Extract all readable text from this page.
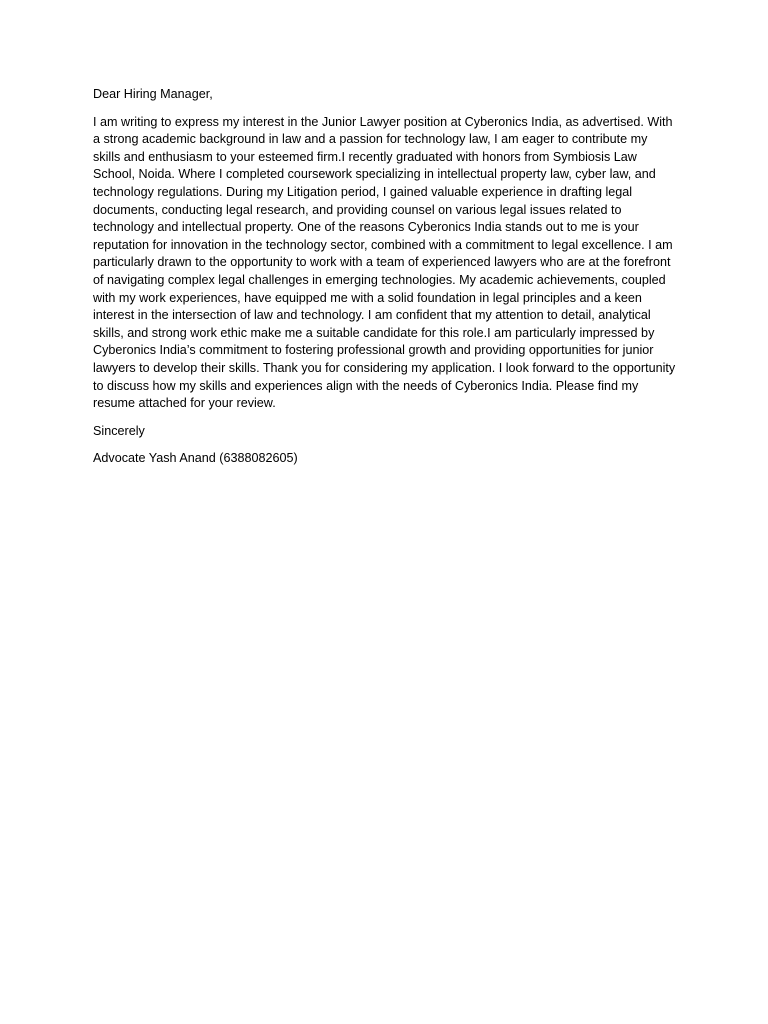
Dear Hiring Manager,

I am writing to express my interest in the Junior Lawyer position at Cyberonics India, as advertised. With a strong academic background in law and a passion for technology law, I am eager to contribute my skills and enthusiasm to your esteemed firm.I recently graduated with honors from Symbiosis Law School, Noida. Where I completed coursework specializing in intellectual property law, cyber law, and technology regulations. During my Litigation period, I gained valuable experience in drafting legal documents, conducting legal research, and providing counsel on various legal issues related to technology and intellectual property. One of the reasons Cyberonics India stands out to me is your reputation for innovation in the technology sector, combined with a commitment to legal excellence. I am particularly drawn to the opportunity to work with a team of experienced lawyers who are at the forefront of navigating complex legal challenges in emerging technologies. My academic achievements, coupled with my work experiences, have equipped me with a solid foundation in legal principles and a keen interest in the intersection of law and technology. I am confident that my attention to detail, analytical skills, and strong work ethic make me a suitable candidate for this role.I am particularly impressed by Cyberonics India’s commitment to fostering professional growth and providing opportunities for junior lawyers to develop their skills. Thank you for considering my application. I look forward to the opportunity to discuss how my skills and experiences align with the needs of Cyberonics India. Please find my resume attached for your review.

Sincerely

Advocate Yash Anand (6388082605)
